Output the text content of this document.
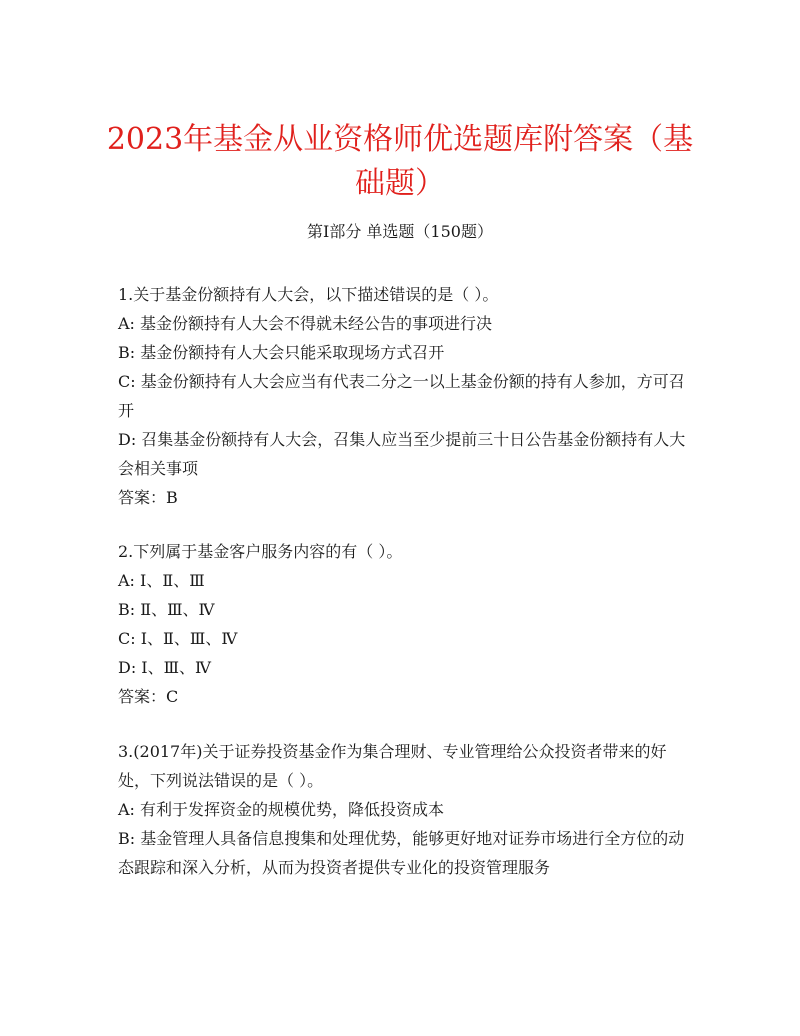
2023年基金从业资格师优选题库附答案（基础题）
第Ⅰ部分 单选题（150题）
1.关于基金份额持有人大会，以下描述错误的是（ ）。
A: 基金份额持有人大会不得就未经公告的事项进行决
B: 基金份额持有人大会只能采取现场方式召开
C: 基金份额持有人大会应当有代表二分之一以上基金份额的持有人参加，方可召开
D: 召集基金份额持有人大会，召集人应当至少提前三十日公告基金份额持有人大会相关事项
答案：B
2.下列属于基金客户服务内容的有（ ）。
A: Ⅰ、Ⅱ、Ⅲ
B: Ⅱ、Ⅲ、Ⅳ
C: Ⅰ、Ⅱ、Ⅲ、Ⅳ
D: Ⅰ、Ⅲ、Ⅳ
答案：C
3.(2017年)关于证券投资基金作为集合理财、专业管理给公众投资者带来的好处，下列说法错误的是（ ）。
A: 有利于发挥资金的规模优势，降低投资成本
B: 基金管理人具备信息搜集和处理优势，能够更好地对证券市场进行全方位的动态跟踪和深入分析，从而为投资者提供专业化的投资管理服务
